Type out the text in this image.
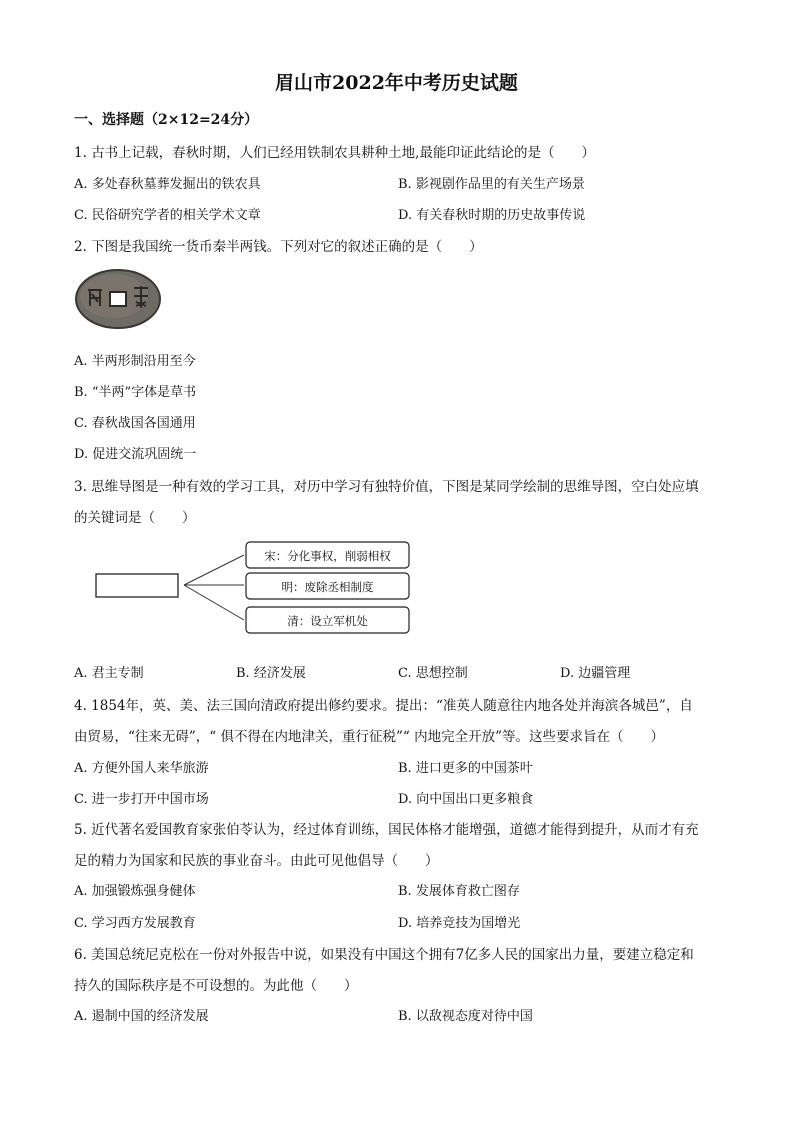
眉山市2022年中考历史试题
一、选择题（2×12=24分）
1. 古书上记载，春秋时期，人们已经用铁制农具耕种土地,最能印证此结论的是（　　）
A. 多处春秋墓葬发掘出的铁农具	B. 影视剧作品里的有关生产场景
C. 民俗研究学者的相关学术文章	D. 有关春秋时期的历史故事传说
2. 下图是我国统一货币秦半两钱。下列对它的叙述正确的是（　　）
A. 半两形制沿用至今
B. “半两”字体是草书
C. 春秋战国各国通用
D. 促进交流巩固统一
3. 思维导图是一种有效的学习工具，对历中学习有独特价值，下图是某同学绘制的思维导图，空白处应填
的关键词是（　　）
宋：分化事权，削弱相权
明：废除丞相制度
清：设立军机处
A. 君主专制	B. 经济发展	C. 思想控制	D. 边疆管理
4. 1854年，英、美、法三国向清政府提出修约要求。提出：“准英人随意往内地各处并海滨各城邑”，自
由贸易，“往来无碍”，“ 俱不得在内地津关，重行征税”“ 内地完全开放”等。这些要求旨在（　　）
A. 方便外国人来华旅游	B. 进口更多的中国茶叶
C. 进一步打开中国市场	D. 向中国出口更多粮食
5. 近代著名爱国教育家张伯苓认为，经过体育训练，国民体格才能增强，道德才能得到提升，从而才有充
足的精力为国家和民族的事业奋斗。由此可见他倡导（　　）
A. 加强锻炼强身健体	B. 发展体育救亡图存
C. 学习西方发展教育	D. 培养竞技为国增光
6. 美国总统尼克松在一份对外报告中说，如果没有中国这个拥有7亿多人民的国家出力量，要建立稳定和
持久的国际秩序是不可设想的。为此他（　　）
A. 遏制中国的经济发展	B. 以敌视态度对待中国
